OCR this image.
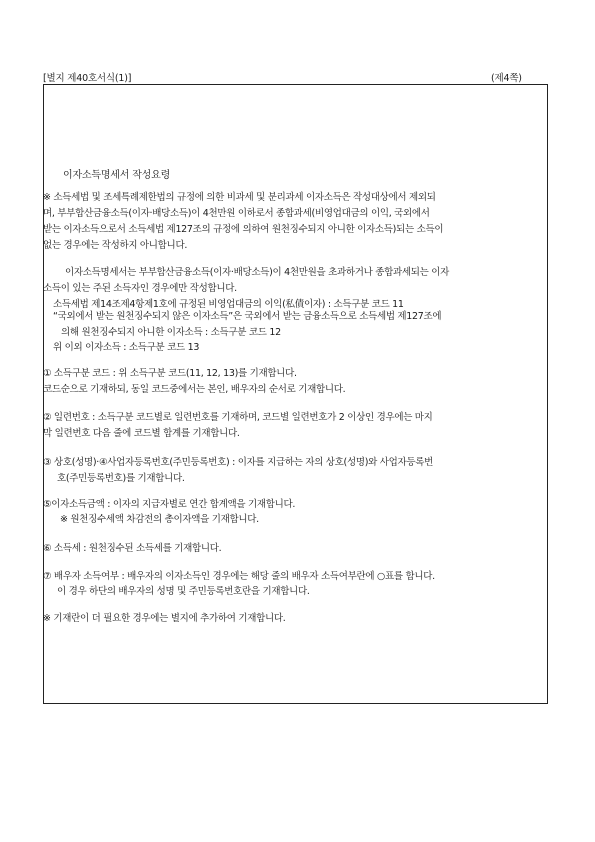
[별지 제40호서식(1)]	(제4쪽)
이자소득명세서 작성요령
※ 소득세법 및 조세특례제한법의 규정에 의한 비과세 및 분리과세 이자소득은 작성대상에서 제외되
며, 부부합산금융소득(이자·배당소득)이 4천만원 이하로서 종합과세(비영업대금의 이익, 국외에서
받는 이자소득으로서 소득세법 제127조의 규정에 의하여 원천징수되지 아니한 이자소득)되는 소득이
없는 경우에는 작성하지 아니합니다.
이자소득명세서는 부부합산금융소득(이자·배당소득)이 4천만원을 초과하거나 종합과세되는 이자
소득이 있는 주된 소득자인 경우에만 작성합니다.
소득세법 제14조제4항제1호에 규정된 비영업대금의 이익(私債이자) : 소득구분 코드 11
“국외에서 받는 원천징수되지 않은 이자소득”은 국외에서 받는 금융소득으로 소득세법 제127조에
의해 원천징수되지 아니한 이자소득 : 소득구분 코드 12
위 이외 이자소득 : 소득구분 코드 13
① 소득구분 코드 : 위 소득구분 코드(11, 12, 13)를 기재합니다.
코드순으로 기재하되, 동일 코드중에서는 본인, 배우자의 순서로 기재합니다.
② 일련번호 : 소득구분 코드별로 일련번호를 기재하며, 코드별 일련번호가 2 이상인 경우에는 마지
막 일련번호 다음 줄에 코드별 합계를 기재합니다.
③ 상호(성명)·④사업자등록번호(주민등록번호) : 이자를 지급하는 자의 상호(성명)와 사업자등록번
호(주민등록번호)를 기재합니다.
⑤이자소득금액 : 이자의 지급자별로 연간 합계액을 기재합니다.
※ 원천징수세액 차감전의 총이자액을 기재합니다.
⑥ 소득세 : 원천징수된 소득세를 기재합니다.
⑦ 배우자 소득여부 : 배우자의 이자소득인 경우에는 해당 줄의 배우자 소득여부란에 ○표를 합니다.
이 경우 하단의 배우자의 성명 및 주민등록번호란을 기재합니다.
※ 기재란이 더 필요한 경우에는 별지에 추가하여 기재합니다.
